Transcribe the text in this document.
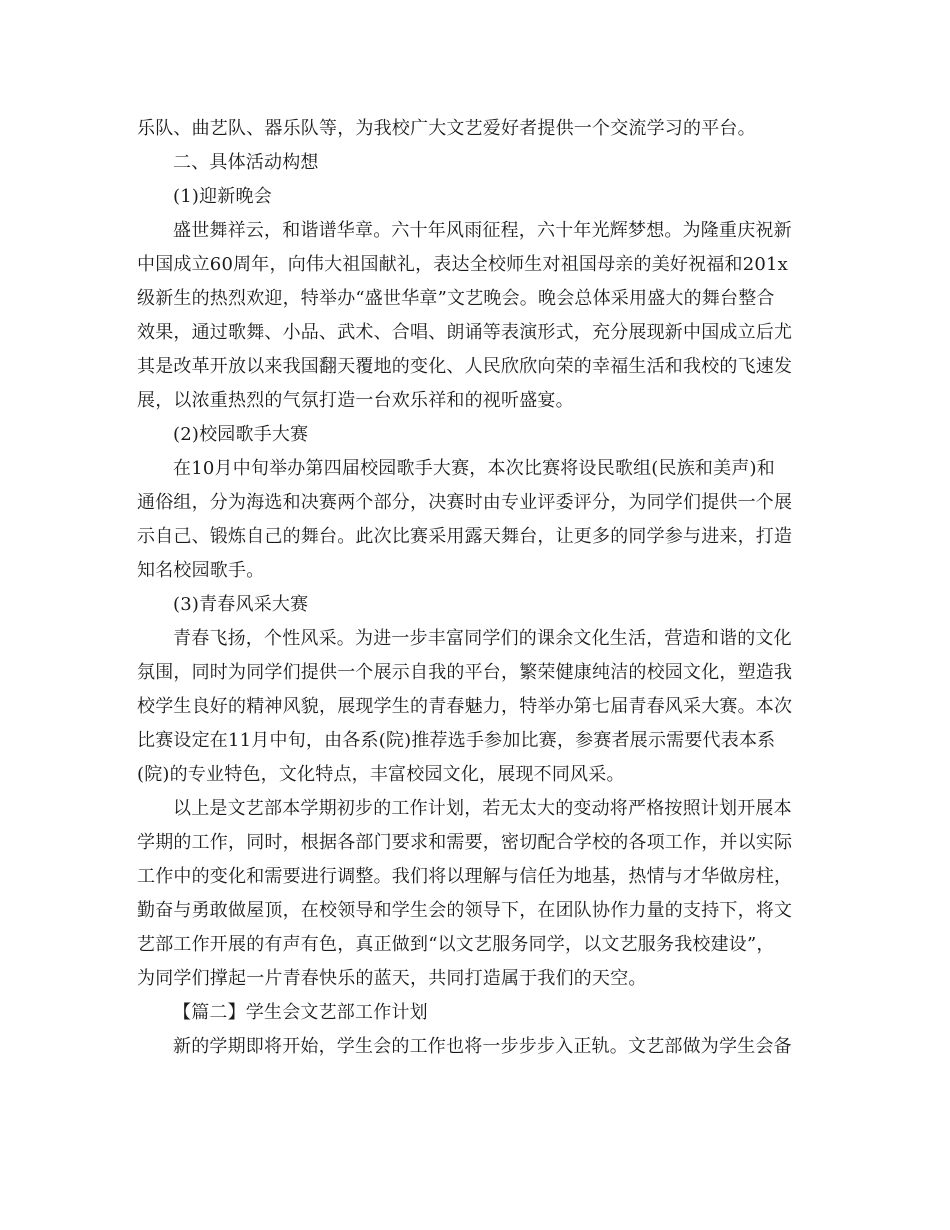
乐队、曲艺队、器乐队等，为我校广大文艺爱好者提供一个交流学习的平台。
二、具体活动构想
(1)迎新晚会
盛世舞祥云，和谐谱华章。六十年风雨征程，六十年光辉梦想。为隆重庆祝新
中国成立60周年，向伟大祖国献礼，表达全校师生对祖国母亲的美好祝福和201x
级新生的热烈欢迎，特举办“盛世华章”文艺晚会。晚会总体采用盛大的舞台整合
效果，通过歌舞、小品、武术、合唱、朗诵等表演形式，充分展现新中国成立后尤
其是改革开放以来我国翻天覆地的变化、人民欣欣向荣的幸福生活和我校的飞速发
展，以浓重热烈的气氛打造一台欢乐祥和的视听盛宴。
(2)校园歌手大赛
在10月中旬举办第四届校园歌手大赛，本次比赛将设民歌组(民族和美声)和
通俗组，分为海选和决赛两个部分，决赛时由专业评委评分，为同学们提供一个展
示自己、锻炼自己的舞台。此次比赛采用露天舞台，让更多的同学参与进来，打造
知名校园歌手。
(3)青春风采大赛
青春飞扬，个性风采。为进一步丰富同学们的课余文化生活，营造和谐的文化
氛围，同时为同学们提供一个展示自我的平台，繁荣健康纯洁的校园文化，塑造我
校学生良好的精神风貌，展现学生的青春魅力，特举办第七届青春风采大赛。本次
比赛设定在11月中旬，由各系(院)推荐选手参加比赛，参赛者展示需要代表本系
(院)的专业特色，文化特点，丰富校园文化，展现不同风采。
以上是文艺部本学期初步的工作计划，若无太大的变动将严格按照计划开展本
学期的工作，同时，根据各部门要求和需要，密切配合学校的各项工作，并以实际
工作中的变化和需要进行调整。我们将以理解与信任为地基，热情与才华做房柱，
勤奋与勇敢做屋顶，在校领导和学生会的领导下，在团队协作力量的支持下，将文
艺部工作开展的有声有色，真正做到“以文艺服务同学，以文艺服务我校建设”，
为同学们撑起一片青春快乐的蓝天，共同打造属于我们的天空。
【篇二】学生会文艺部工作计划
新的学期即将开始，学生会的工作也将一步步步入正轨。文艺部做为学生会备
